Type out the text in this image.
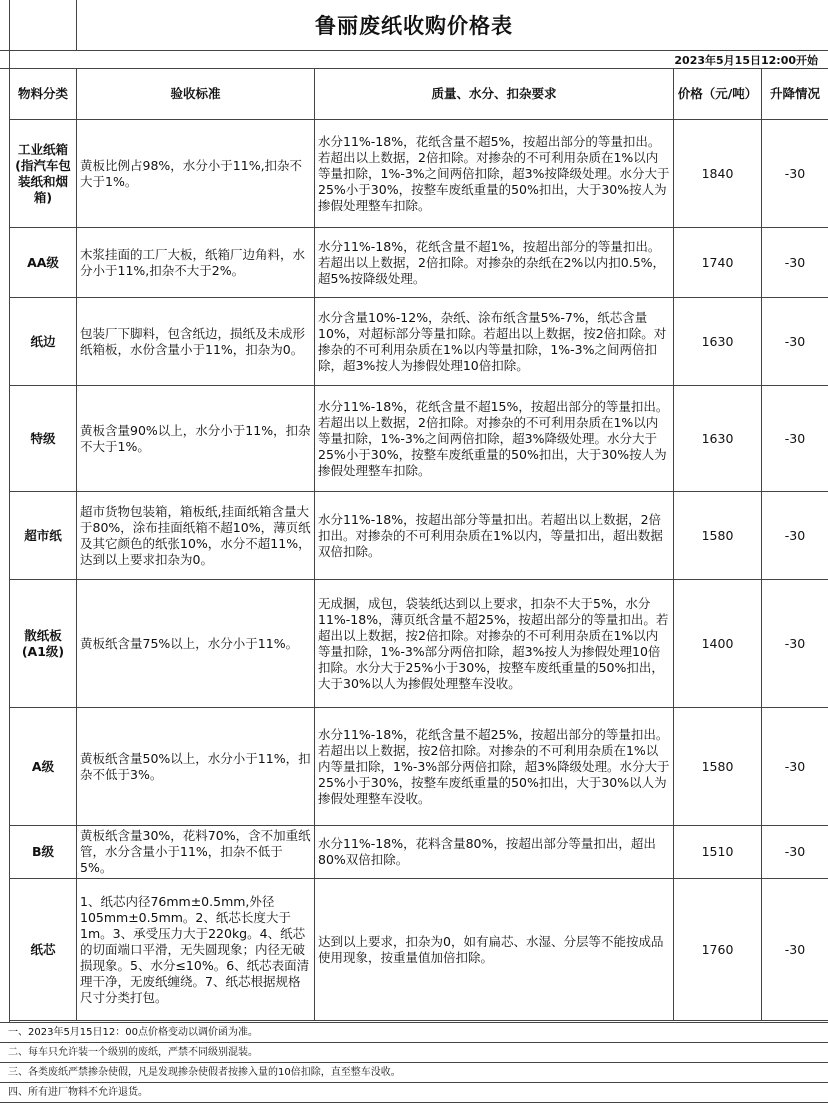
鲁丽废纸收购价格表
2023年5月15日12:00开始
物料分类	验收标准	质量、水分、扣杂要求	价格（元/吨）	升降情况
工业纸箱(指汽车包装纸和烟箱)	黄板比例占98%，水分小于11%,扣杂不大于1%。	水分11%-18%，花纸含量不超5%，按超出部分的等量扣出。若超出以上数据，2倍扣除。对掺杂的不可利用杂质在1%以内等量扣除，1%-3%之间两倍扣除，超3%按降级处理。水分大于25%小于30%，按整车废纸重量的50%扣出，大于30%按人为掺假处理整车扣除。	1840	-30
AA级	木浆挂面的工厂大板，纸箱厂边角料，水分小于11%,扣杂不大于2%。	水分11%-18%，花纸含量不超1%，按超出部分的等量扣出。若超出以上数据，2倍扣除。对掺杂的杂纸在2%以内扣0.5%，超5%按降级处理。	1740	-30
纸边	包装厂下脚料，包含纸边，损纸及未成形纸箱板，水份含量小于11%，扣杂为0。	水分含量10%-12%，杂纸、涂布纸含量5%-7%，纸芯含量10%，对超标部分等量扣除。若超出以上数据，按2倍扣除。对掺杂的不可利用杂质在1%以内等量扣除，1%-3%之间两倍扣除，超3%按人为掺假处理10倍扣除。	1630	-30
特级	黄板含量90%以上，水分小于11%，扣杂不大于1%。	水分11%-18%，花纸含量不超15%，按超出部分的等量扣出。若超出以上数据，2倍扣除。对掺杂的不可利用杂质在1%以内等量扣除，1%-3%之间两倍扣除，超3%降级处理。水分大于25%小于30%，按整车废纸重量的50%扣出，大于30%按人为掺假处理整车扣除。	1630	-30
超市纸	超市货物包装箱，箱板纸,挂面纸箱含量大于80%，涂布挂面纸箱不超10%，薄页纸及其它颜色的纸张10%，水分不超11%，达到以上要求扣杂为0。	水分11%-18%，按超出部分等量扣出。若超出以上数据，2倍扣出。对掺杂的不可利用杂质在1%以内，等量扣出，超出数据双倍扣除。	1580	-30
散纸板(A1级)	黄板纸含量75%以上，水分小于11%。	无成捆，成包，袋装纸达到以上要求，扣杂不大于5%，水分11%-18%，薄页纸含量不超25%，按超出部分的等量扣出。若超出以上数据，按2倍扣除。对掺杂的不可利用杂质在1%以内等量扣除，1%-3%部分两倍扣除，超3%按人为掺假处理10倍扣除。水分大于25%小于30%，按整车废纸重量的50%扣出，大于30%以人为掺假处理整车没收。	1400	-30
A级	黄板纸含量50%以上，水分小于11%，扣杂不低于3%。	水分11%-18%，花纸含量不超25%，按超出部分的等量扣出。若超出以上数据，按2倍扣除。对掺杂的不可利用杂质在1%以内等量扣除，1%-3%部分两倍扣除，超3%降级处理。水分大于25%小于30%，按整车废纸重量的50%扣出，大于30%以人为掺假处理整车没收。	1580	-30
B级	黄板纸含量30%，花料70%，含不加重纸管，水分含量小于11%，扣杂不低于5%。	水分11%-18%，花料含量80%，按超出部分等量扣出，超出80%双倍扣除。	1510	-30
纸芯	1、纸芯内径76mm±0.5mm,外径105mm±0.5mm。2、纸芯长度大于1m。3、承受压力大于220kg。4、纸芯的切面端口平滑，无失圆现象；内径无破损现象。5、水分≤10%。6、纸芯表面清理干净，无废纸缠绕。7、纸芯根据规格尺寸分类打包。	达到以上要求，扣杂为0，如有扁芯、水湿、分层等不能按成品使用现象，按重量值加倍扣除。	1760	-30
一、2023年5月15日12：00点价格变动以调价函为准。
二、每车只允许装一个级别的废纸，严禁不同级别混装。
三、各类废纸严禁掺杂使假，凡是发现掺杂使假者按掺入量的10倍扣除，直至整车没收。
四、所有进厂物料不允许退货。
